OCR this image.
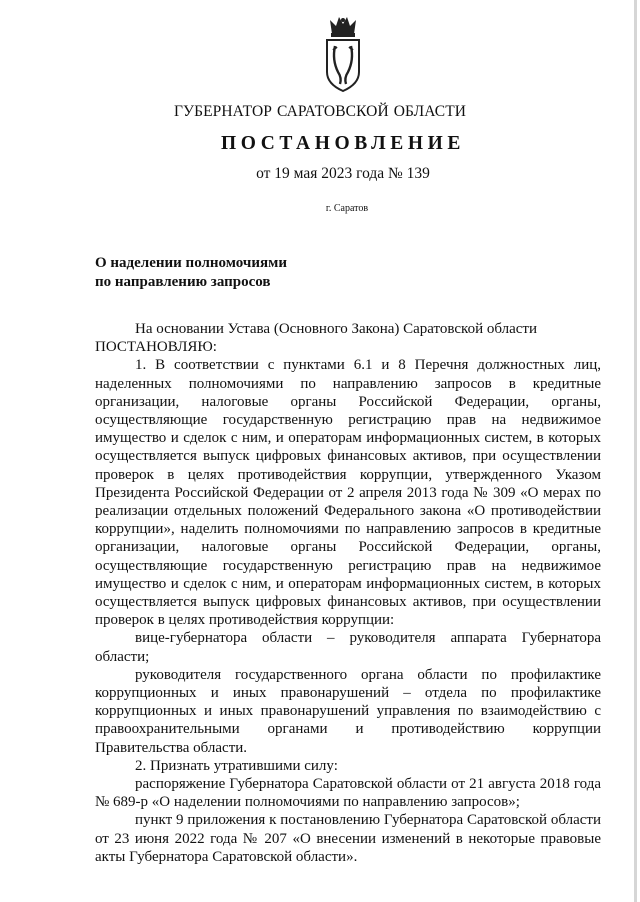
ГУБЕРНАТОР САРАТОВСКОЙ ОБЛАСТИ
ПОСТАНОВЛЕНИЕ
от 19 мая 2023 года № 139
г. Саратов
О наделении полномочиями
по направлению запросов

На основании Устава (Основного Закона) Саратовской области

ПОСТАНОВЛЯЮ:

1. В соответствии с пунктами 6.1 и 8 Перечня должностных лиц, наделенных полномочиями по направлению запросов в кредитные организации, налоговые органы Российской Федерации, органы, осуществляющие государственную регистрацию прав на недвижимое имущество и сделок с ним, и операторам информационных систем, в которых осуществляется выпуск цифровых финансовых активов, при осуществлении проверок в целях противодействия коррупции, утвержденного Указом Президента Российской Федерации от 2 апреля 2013 года № 309 «О мерах по реализации отдельных положений Федерального закона «О противодействии коррупции», наделить полномочиями по направлению запросов в кредитные организации, налоговые органы Российской Федерации, органы, осуществляющие государственную регистрацию прав на недвижимое имущество и сделок с ним, и операторам информационных систем, в которых осуществляется выпуск цифровых финансовых активов, при осуществлении проверок в целях противодействия коррупции:

вице-губернатора области – руководителя аппарата Губернатора области;

руководителя государственного органа области по профилактике коррупционных и иных правонарушений – отдела по профилактике коррупционных и иных правонарушений управления по взаимодействию с правоохранительными органами и противодействию коррупции Правительства области.

2. Признать утратившими силу:

распоряжение Губернатора Саратовской области от 21 августа 2018 года № 689-р «О наделении полномочиями по направлению запросов»;

пункт 9 приложения к постановлению Губернатора Саратовской области от 23 июня 2022 года № 207 «О внесении изменений в некоторые правовые акты Губернатора Саратовской области».
